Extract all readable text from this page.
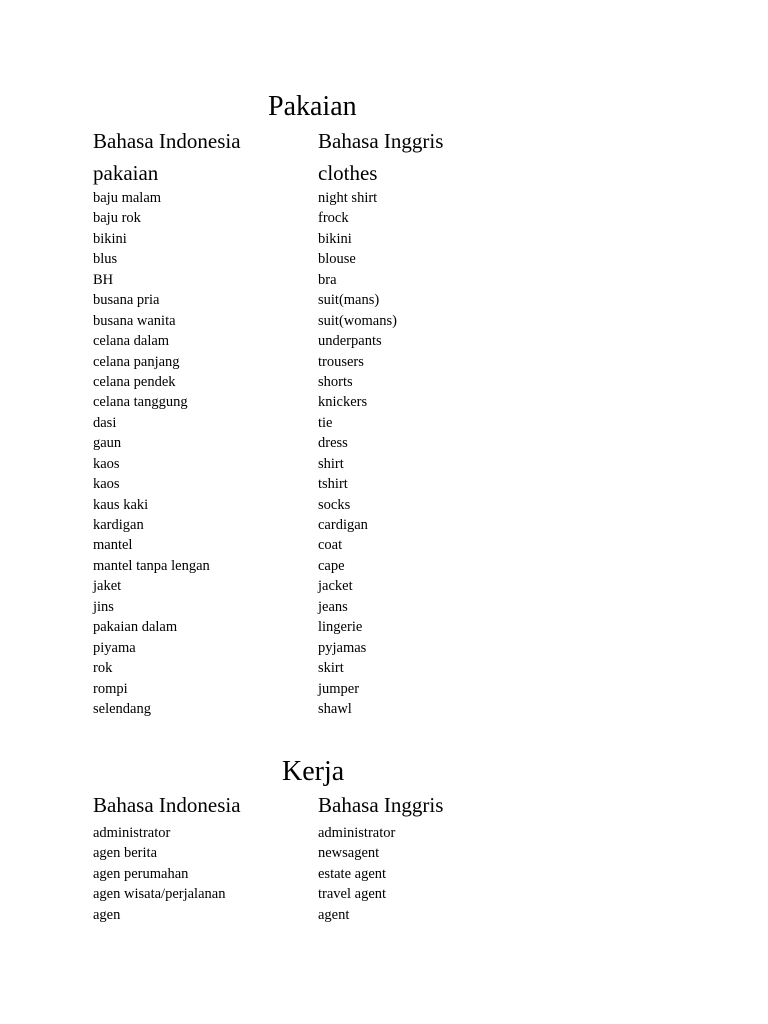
Pakaian
Bahasa Indonesia	Bahasa Inggris
pakaian	clothes
baju malam	night shirt
baju rok	frock
bikini	bikini
blus	blouse
BH	bra
busana pria	suit(mans)
busana wanita	suit(womans)
celana dalam	underpants
celana panjang	trousers
celana pendek	shorts
celana tanggung	knickers
dasi	tie
gaun	dress
kaos	shirt
kaos	tshirt
kaus kaki	socks
kardigan	cardigan
mantel	coat
mantel tanpa lengan	cape
jaket	jacket
jins	jeans
pakaian dalam	lingerie
piyama	pyjamas
rok	skirt
rompi	jumper
selendang	shawl
Kerja
Bahasa Indonesia	Bahasa Inggris
administrator	administrator
agen berita	newsagent
agen perumahan	estate agent
agen wisata/perjalanan	travel agent
agen	agent
